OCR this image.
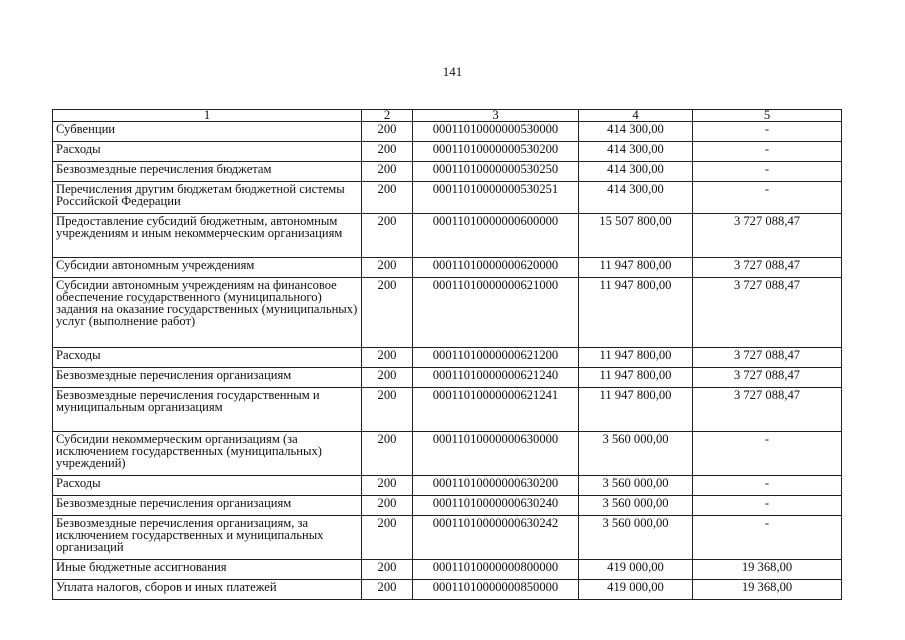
141
1	2	3	4	5
Субвенции	200	00011010000000530000	414 300,00	-
Расходы	200	00011010000000530200	414 300,00	-
Безвозмездные перечисления бюджетам	200	00011010000000530250	414 300,00	-
Перечисления другим бюджетам бюджетной системы Российской Федерации	200	00011010000000530251	414 300,00	-
Предоставление субсидий бюджетным, автономным учреждениям и иным некоммерческим организациям	200	00011010000000600000	15 507 800,00	3 727 088,47
Субсидии автономным учреждениям	200	00011010000000620000	11 947 800,00	3 727 088,47
Субсидии автономным учреждениям на финансовое обеспечение государственного (муниципального) задания на оказание государственных (муниципальных) услуг (выполнение работ)	200	00011010000000621000	11 947 800,00	3 727 088,47
Расходы	200	00011010000000621200	11 947 800,00	3 727 088,47
Безвозмездные перечисления организациям	200	00011010000000621240	11 947 800,00	3 727 088,47
Безвозмездные перечисления государственным и муниципальным организациям	200	00011010000000621241	11 947 800,00	3 727 088,47
Субсидии некоммерческим организациям (за исключением государственных (муниципальных) учреждений)	200	00011010000000630000	3 560 000,00	-
Расходы	200	00011010000000630200	3 560 000,00	-
Безвозмездные перечисления организациям	200	00011010000000630240	3 560 000,00	-
Безвозмездные перечисления организациям, за исключением государственных и муниципальных организаций	200	00011010000000630242	3 560 000,00	-
Иные бюджетные ассигнования	200	00011010000000800000	419 000,00	19 368,00
Уплата налогов, сборов и иных платежей	200	00011010000000850000	419 000,00	19 368,00
